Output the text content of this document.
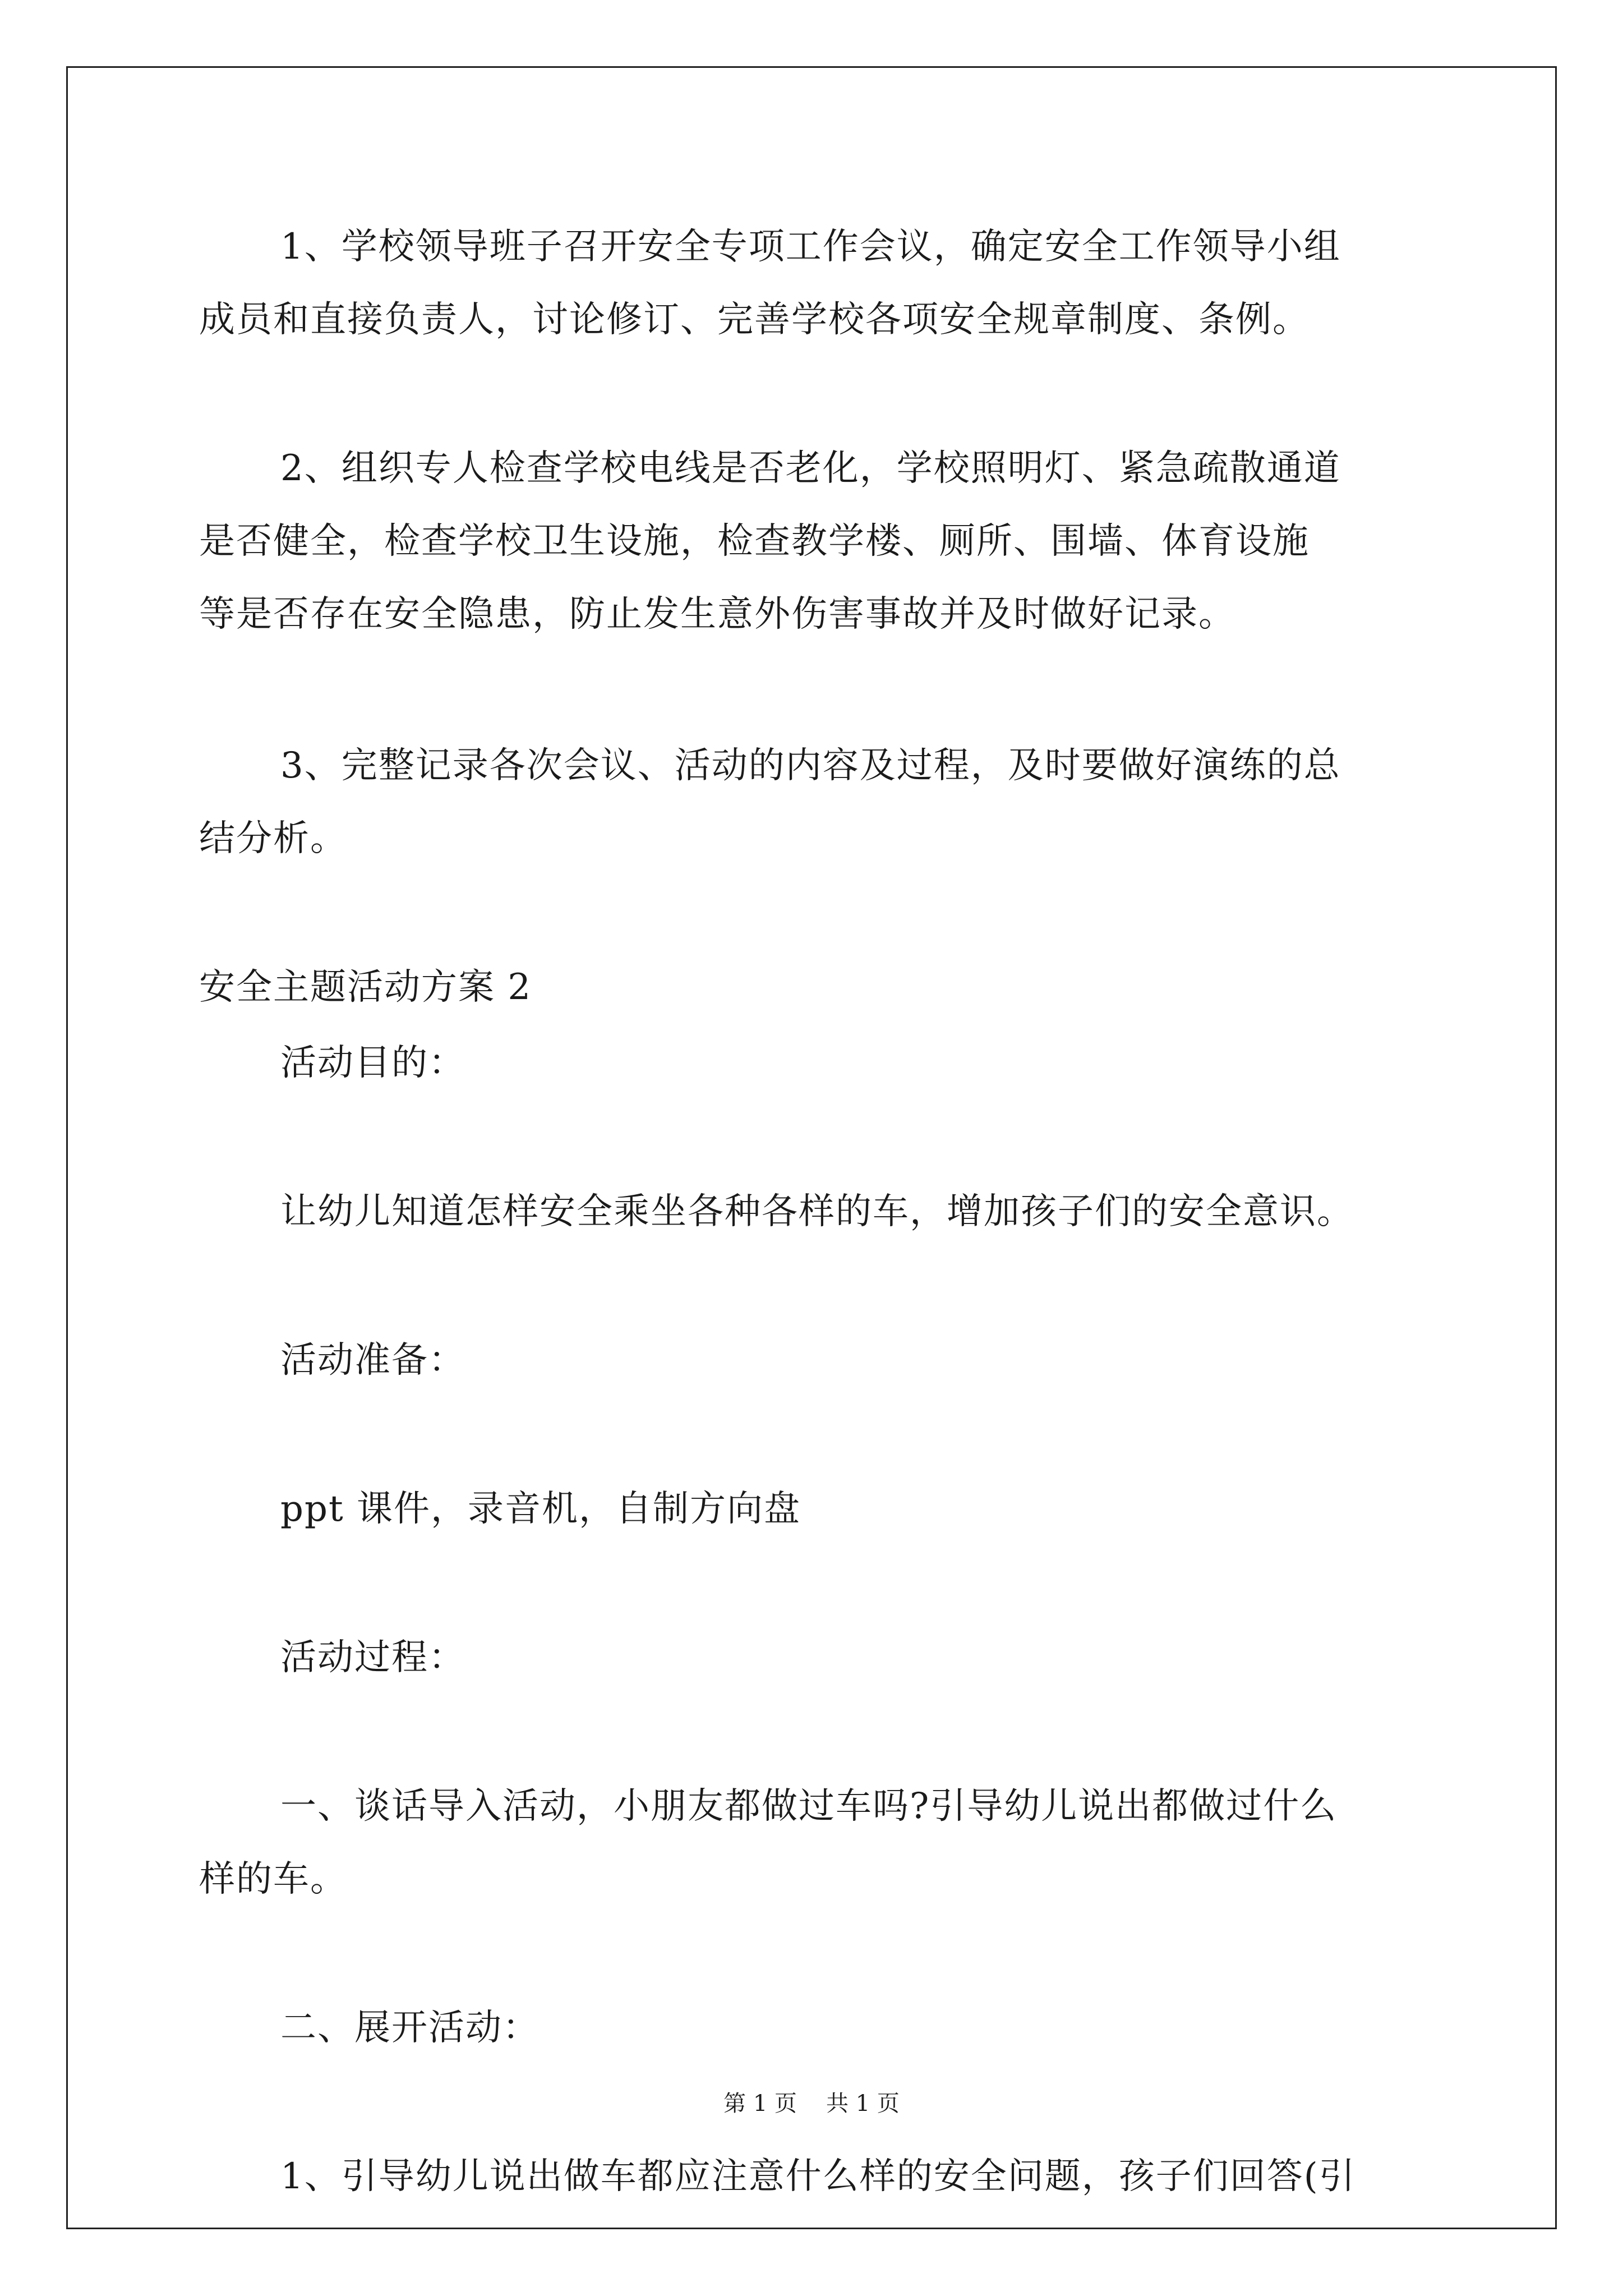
1、学校领导班子召开安全专项工作会议，确定安全工作领导小组
成员和直接负责人，讨论修订、完善学校各项安全规章制度、条例。
2、组织专人检查学校电线是否老化，学校照明灯、紧急疏散通道
是否健全，检查学校卫生设施，检查教学楼、厕所、围墙、体育设施
等是否存在安全隐患，防止发生意外伤害事故并及时做好记录。
3、完整记录各次会议、活动的内容及过程，及时要做好演练的总
结分析。
安全主题活动方案 2
活动目的：
让幼儿知道怎样安全乘坐各种各样的车，增加孩子们的安全意识。
活动准备：
ppt 课件，录音机，自制方向盘
活动过程：
一、谈话导入活动，小朋友都做过车吗?引导幼儿说出都做过什么
样的车。
二、展开活动：
1、引导幼儿说出做车都应注意什么样的安全问题，孩子们回答(引
第 1 页 共 1 页
